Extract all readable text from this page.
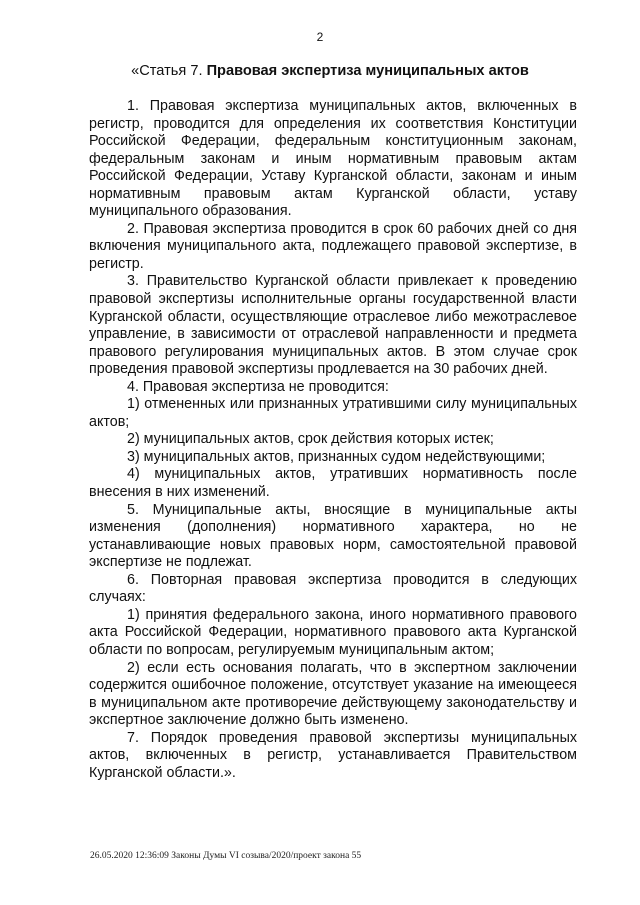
2
«Статья 7. Правовая экспертиза муниципальных актов

1. Правовая экспертиза муниципальных актов, включенных в регистр, проводится для определения их соответствия Конституции Российской Федерации, федеральным конституционным законам, федеральным законам и иным нормативным правовым актам Российской Федерации, Уставу Курганской области, законам и иным нормативным правовым актам Курганской области, уставу муниципального образования.

2. Правовая экспертиза проводится в срок 60 рабочих дней со дня включения муниципального акта, подлежащего правовой экспертизе, в регистр.

3. Правительство Курганской области привлекает к проведению правовой экспертизы исполнительные органы государственной власти Курганской области, осуществляющие отраслевое либо межотраслевое управление, в зависимости от отраслевой направленности и предмета правового регулирования муниципальных актов. В этом случае срок проведения правовой экспертизы продлевается на 30 рабочих дней.

4. Правовая экспертиза не проводится:

1) отмененных или признанных утратившими силу муниципальных актов;

2) муниципальных актов, срок действия которых истек;

3) муниципальных актов, признанных судом недействующими;

4) муниципальных актов, утративших нормативность после внесения в них изменений.

5. Муниципальные акты, вносящие в муниципальные акты изменения (дополнения) нормативного характера, но не устанавливающие новых правовых норм, самостоятельной правовой экспертизе не подлежат.

6. Повторная правовая экспертиза проводится в следующих случаях:

1) принятия федерального закона, иного нормативного правового акта Российской Федерации, нормативного правового акта Курганской области по вопросам, регулируемым муниципальным актом;

2) если есть основания полагать, что в экспертном заключении содержится ошибочное положение, отсутствует указание на имеющееся в муниципальном акте противоречие действующему законодательству и экспертное заключение должно быть изменено.

7. Порядок проведения правовой экспертизы муниципальных актов, включенных в регистр, устанавливается Правительством Курганской области.».

26.05.2020 12:36:09 Законы Думы VI созыва/2020/проект закона 55
